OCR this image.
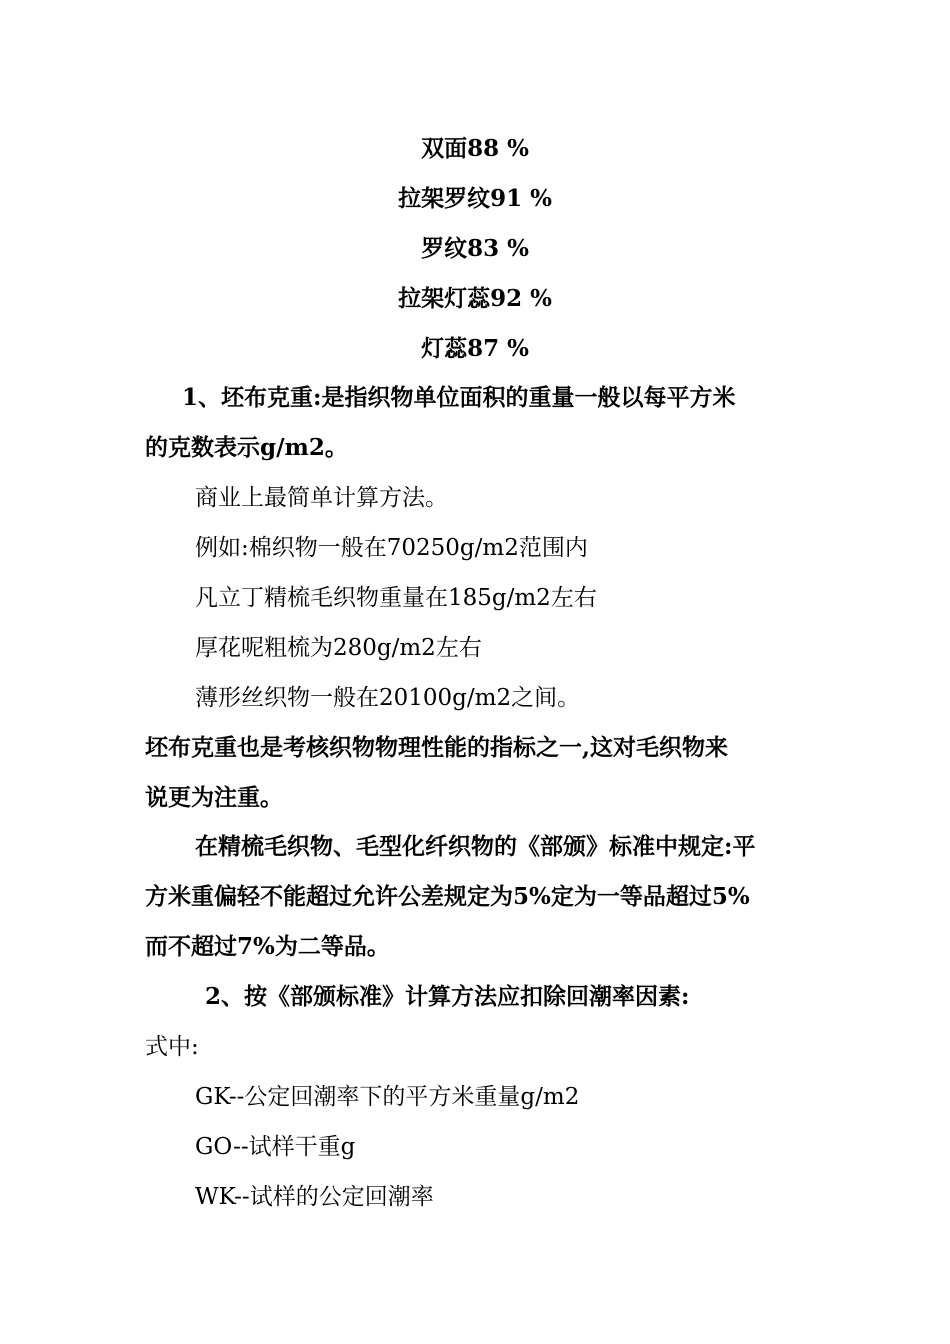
双面88 %
拉架罗纹91 %
罗纹83 %
拉架灯蕊92 %
灯蕊87 %
1、坯布克重:是指织物单位面积的重量一般以每平方米
的克数表示g/m2。
商业上最简单计算方法。
例如:棉织物一般在70250g/m2范围内
凡立丁精梳毛织物重量在185g/m2左右
厚花呢粗梳为280g/m2左右
薄形丝织物一般在20100g/m2之间。
坯布克重也是考核织物物理性能的指标之一,这对毛织物来
说更为注重。
在精梳毛织物、毛型化纤织物的《部颁》标准中规定:平
方米重偏轻不能超过允许公差规定为5%定为一等品超过5%
而不超过7%为二等品。
2、按《部颁标准》计算方法应扣除回潮率因素:
式中:
GK--公定回潮率下的平方米重量g/m2
GO--试样干重g
WK--试样的公定回潮率
